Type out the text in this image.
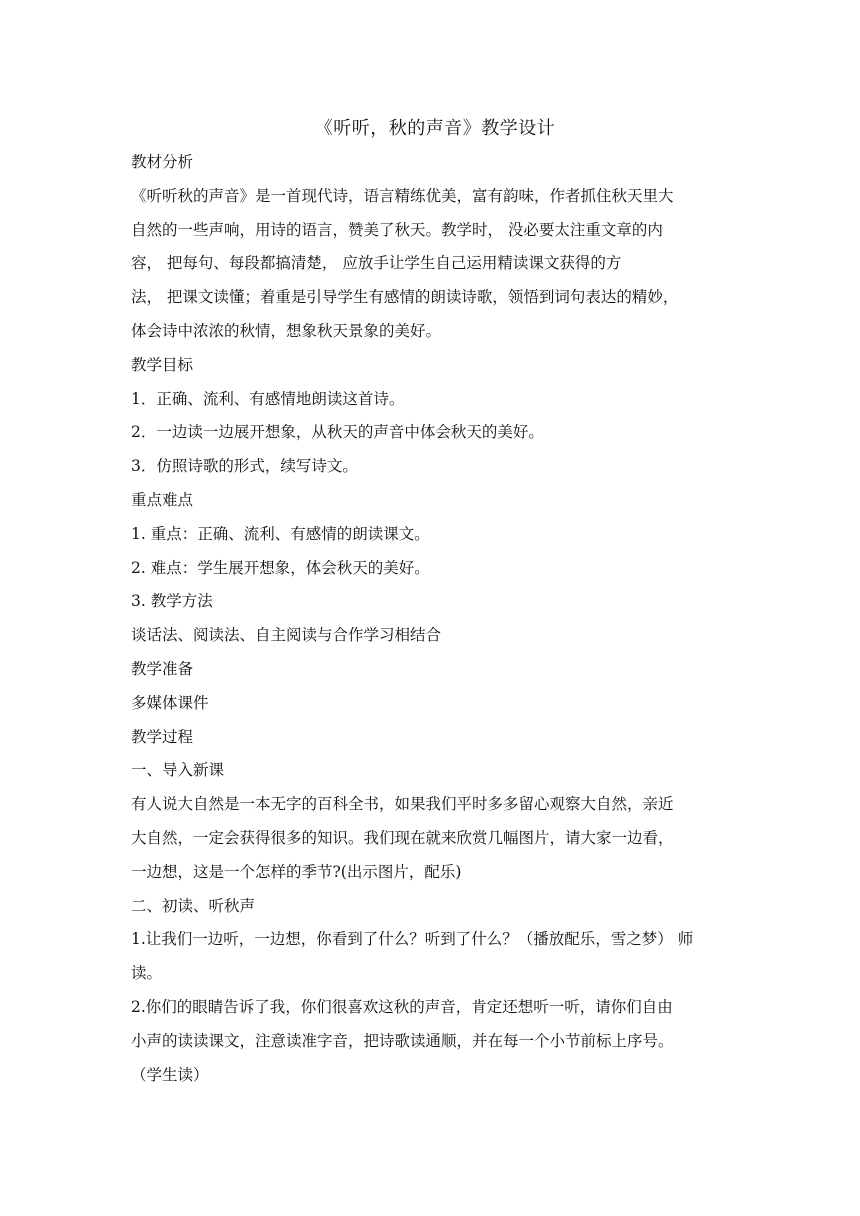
《听听，秋的声音》教学设计
教材分析
《听听秋的声音》是一首现代诗，语言精练优美，富有韵味，作者抓住秋天里大
自然的一些声响，用诗的语言，赞美了秋天。教学时， 没必要太注重文章的内
容， 把每句、每段都搞清楚， 应放手让学生自己运用精读课文获得的方
法， 把课文读懂；着重是引导学生有感情的朗读诗歌，领悟到词句表达的精妙，
体会诗中浓浓的秋情，想象秋天景象的美好。
教学目标
1．正确、流利、有感情地朗读这首诗。
2．一边读一边展开想象，从秋天的声音中体会秋天的美好。
3．仿照诗歌的形式，续写诗文。
重点难点
1. 重点：正确、流利、有感情的朗读课文。
2. 难点：学生展开想象，体会秋天的美好。
3. 教学方法
谈话法、阅读法、自主阅读与合作学习相结合
教学准备
多媒体课件
教学过程
一、导入新课
有人说大自然是一本无字的百科全书，如果我们平时多多留心观察大自然，亲近
大自然，一定会获得很多的知识。我们现在就来欣赏几幅图片，请大家一边看，
一边想，这是一个怎样的季节?(出示图片，配乐)
二、初读、听秋声
1.让我们一边听，一边想，你看到了什么？听到了什么？（播放配乐，雪之梦） 师
读。
2.你们的眼睛告诉了我，你们很喜欢这秋的声音，肯定还想听一听，请你们自由
小声的读读课文，注意读准字音，把诗歌读通顺，并在每一个小节前标上序号。
（学生读）
